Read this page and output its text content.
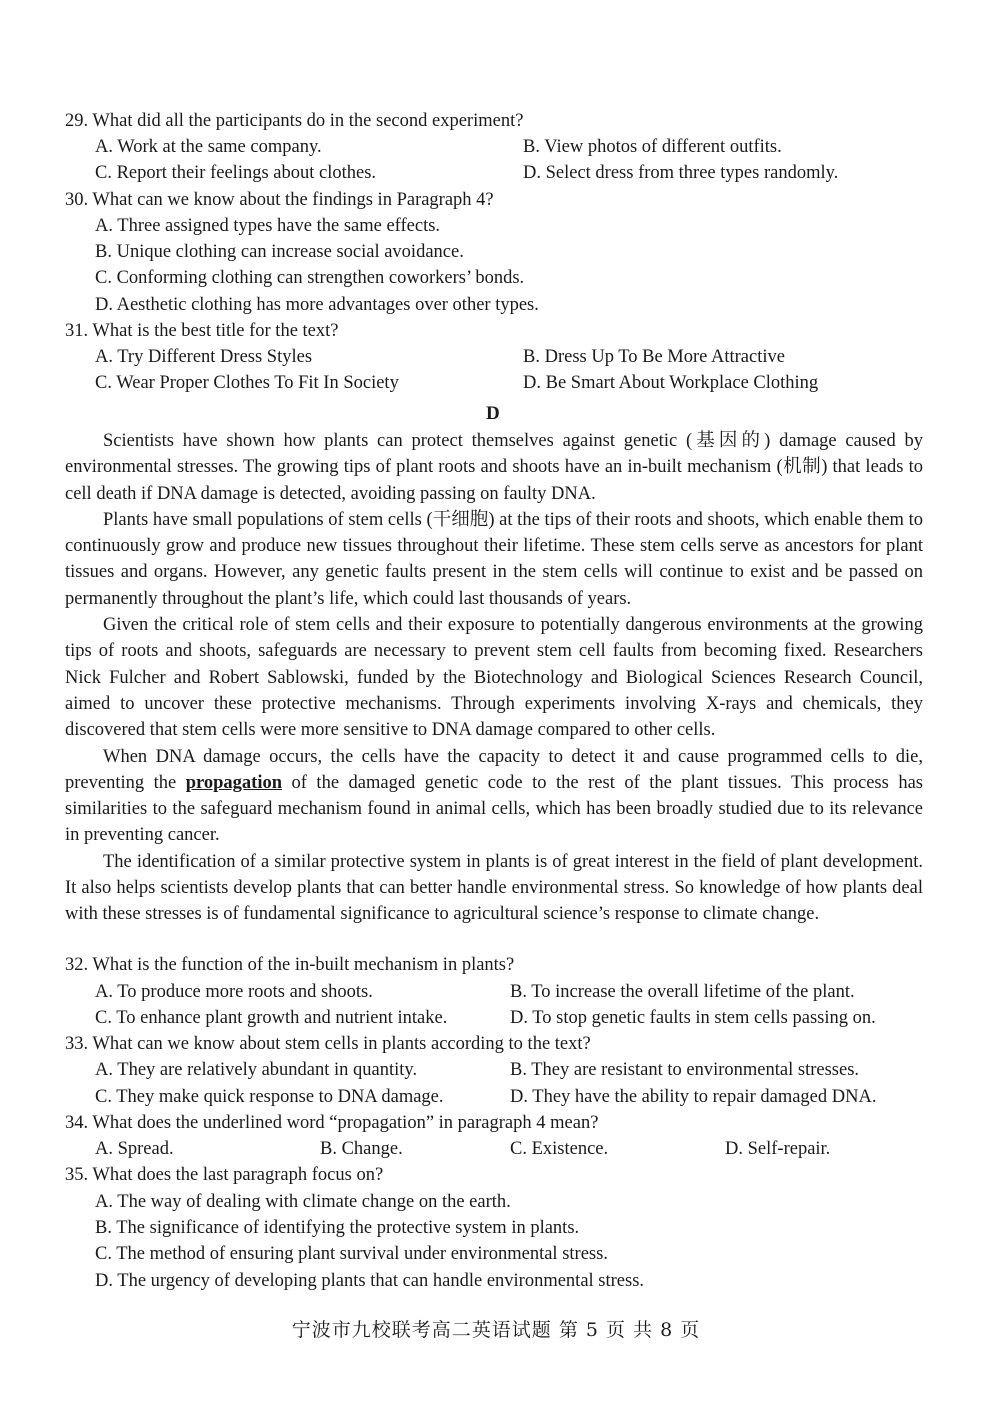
29. What did all the participants do in the second experiment?
A. Work at the same company.	B. View photos of different outfits.
C. Report their feelings about clothes.	D. Select dress from three types randomly.
30. What can we know about the findings in Paragraph 4?
A. Three assigned types have the same effects.
B. Unique clothing can increase social avoidance.
C. Conforming clothing can strengthen coworkers’ bonds.
D. Aesthetic clothing has more advantages over other types.
31. What is the best title for the text?
A. Try Different Dress Styles	B. Dress Up To Be More Attractive
C. Wear Proper Clothes To Fit In Society	D. Be Smart About Workplace Clothing
D

Scientists have shown how plants can protect themselves against genetic (基因的) damage caused by environmental stresses. The growing tips of plant roots and shoots have an in-built mechanism (机制) that leads to cell death if DNA damage is detected, avoiding passing on faulty DNA.

Plants have small populations of stem cells (干细胞) at the tips of their roots and shoots, which enable them to continuously grow and produce new tissues throughout their lifetime. These stem cells serve as ancestors for plant tissues and organs. However, any genetic faults present in the stem cells will continue to exist and be passed on permanently throughout the plant’s life, which could last thousands of years.

Given the critical role of stem cells and their exposure to potentially dangerous environments at the growing tips of roots and shoots, safeguards are necessary to prevent stem cell faults from becoming fixed. Researchers Nick Fulcher and Robert Sablowski, funded by the Biotechnology and Biological Sciences Research Council, aimed to uncover these protective mechanisms. Through experiments involving X-rays and chemicals, they discovered that stem cells were more sensitive to DNA damage compared to other cells.

When DNA damage occurs, the cells have the capacity to detect it and cause programmed cells to die, preventing the propagation of the damaged genetic code to the rest of the plant tissues. This process has similarities to the safeguard mechanism found in animal cells, which has been broadly studied due to its relevance in preventing cancer.

The identification of a similar protective system in plants is of great interest in the field of plant development. It also helps scientists develop plants that can better handle environmental stress. So knowledge of how plants deal with these stresses is of fundamental significance to agricultural science’s response to climate change.

32. What is the function of the in-built mechanism in plants?
A. To produce more roots and shoots.	B. To increase the overall lifetime of the plant.
C. To enhance plant growth and nutrient intake.	D. To stop genetic faults in stem cells passing on.
33. What can we know about stem cells in plants according to the text?
A. They are relatively abundant in quantity.	B. They are resistant to environmental stresses.
C. They make quick response to DNA damage.	D. They have the ability to repair damaged DNA.
34. What does the underlined word “propagation” in paragraph 4 mean?
A. Spread.	B. Change.	C. Existence.	D. Self-repair.
35. What does the last paragraph focus on?
A. The way of dealing with climate change on the earth.
B. The significance of identifying the protective system in plants.
C. The method of ensuring plant survival under environmental stress.
D. The urgency of developing plants that can handle environmental stress.
宁波市九校联考高二英语试题 第 5 页 共 8 页
